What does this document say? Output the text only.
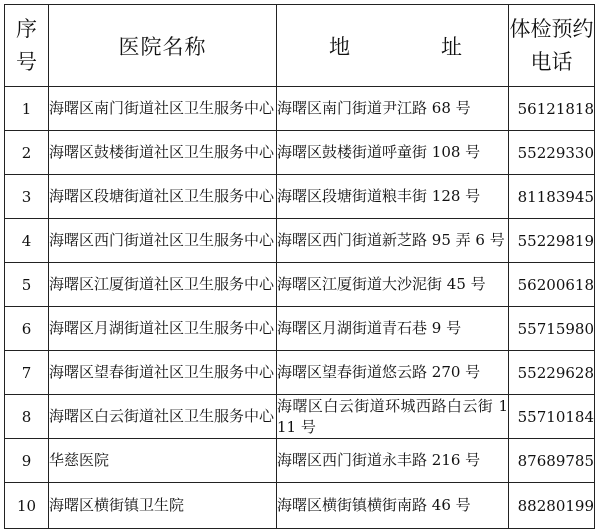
序号	医院名称	地 址	体检预约电话

1	海曙区南门街道社区卫生服务中心	海曙区南门街道尹江路 68 号	56121818
2	海曙区鼓楼街道社区卫生服务中心	海曙区鼓楼街道呼童街 108 号	55229330
3	海曙区段塘街道社区卫生服务中心	海曙区段塘街道粮丰街 128 号	81183945
4	海曙区西门街道社区卫生服务中心	海曙区西门街道新芝路 95 弄 6 号	55229819
5	海曙区江厦街道社区卫生服务中心	海曙区江厦街道大沙泥街 45 号	56200618
6	海曙区月湖街道社区卫生服务中心	海曙区月湖街道青石巷 9 号	55715980
7	海曙区望春街道社区卫生服务中心	海曙区望春街道悠云路 270 号	55229628
8	海曙区白云街道社区卫生服务中心	海曙区白云街道环城西路白云街 111 号	55710184
9	华慈医院	海曙区西门街道永丰路 216 号	87689785
10	海曙区横街镇卫生院	海曙区横街镇横街南路 46 号	88280199
